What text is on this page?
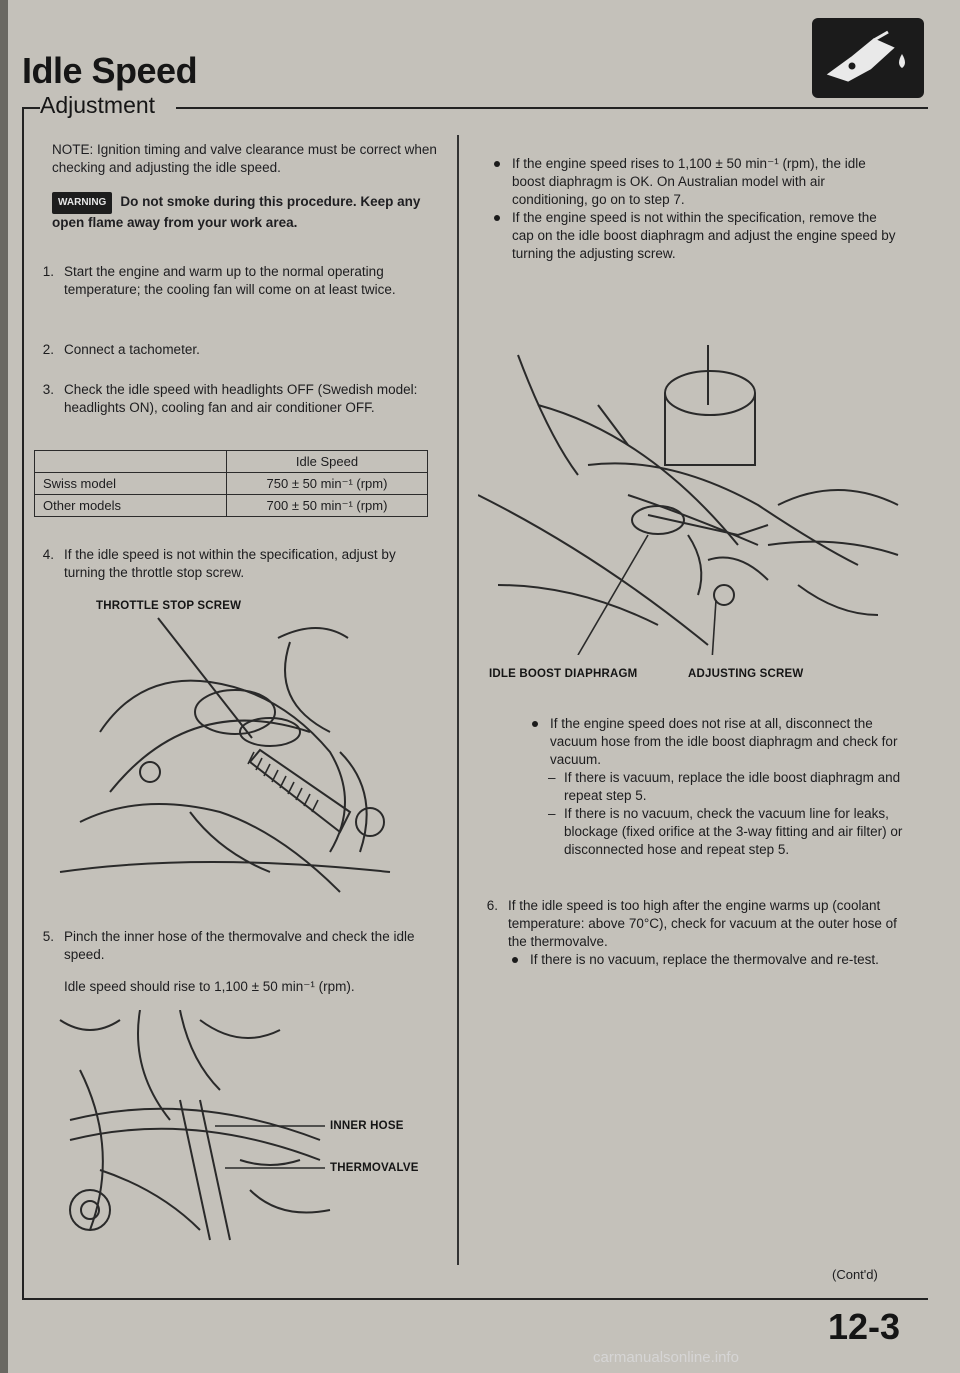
Idle Speed
Adjustment
NOTE: Ignition timing and valve clearance must be correct when checking and adjusting the idle speed.
WARNING Do not smoke during this procedure. Keep any open flame away from your work area.
1. Start the engine and warm up to the normal operating temperature; the cooling fan will come on at least twice.
2. Connect a tachometer.
3. Check the idle speed with headlights OFF (Swedish model: headlights ON), cooling fan and air conditioner OFF.
	Idle Speed
Swiss model	750 ± 50 min⁻¹ (rpm)
Other models	700 ± 50 min⁻¹ (rpm)
4. If the idle speed is not within the specification, adjust by turning the throttle stop screw.
THROTTLE STOP SCREW
5. Pinch the inner hose of the thermovalve and check the idle speed.
Idle speed should rise to 1,100 ± 50 min⁻¹ (rpm).
INNER HOSE
THERMOVALVE
If the engine speed rises to 1,100 ± 50 min⁻¹ (rpm), the idle boost diaphragm is OK. On Australian model with air conditioning, go on to step 7.
If the engine speed is not within the specification, remove the cap on the idle boost diaphragm and adjust the engine speed by turning the adjusting screw.
IDLE BOOST DIAPHRAGM	ADJUSTING SCREW
If the engine speed does not rise at all, disconnect the vacuum hose from the idle boost diaphragm and check for vacuum.
– If there is vacuum, replace the idle boost diaphragm and repeat step 5.
– If there is no vacuum, check the vacuum line for leaks, blockage (fixed orifice at the 3-way fitting and air filter) or disconnected hose and repeat step 5.
6. If the idle speed is too high after the engine warms up (coolant temperature: above 70°C), check for vacuum at the outer hose of the thermovalve.
If there is no vacuum, replace the thermovalve and re-test.
(Cont'd)
12-3
carmanualsonline.info
